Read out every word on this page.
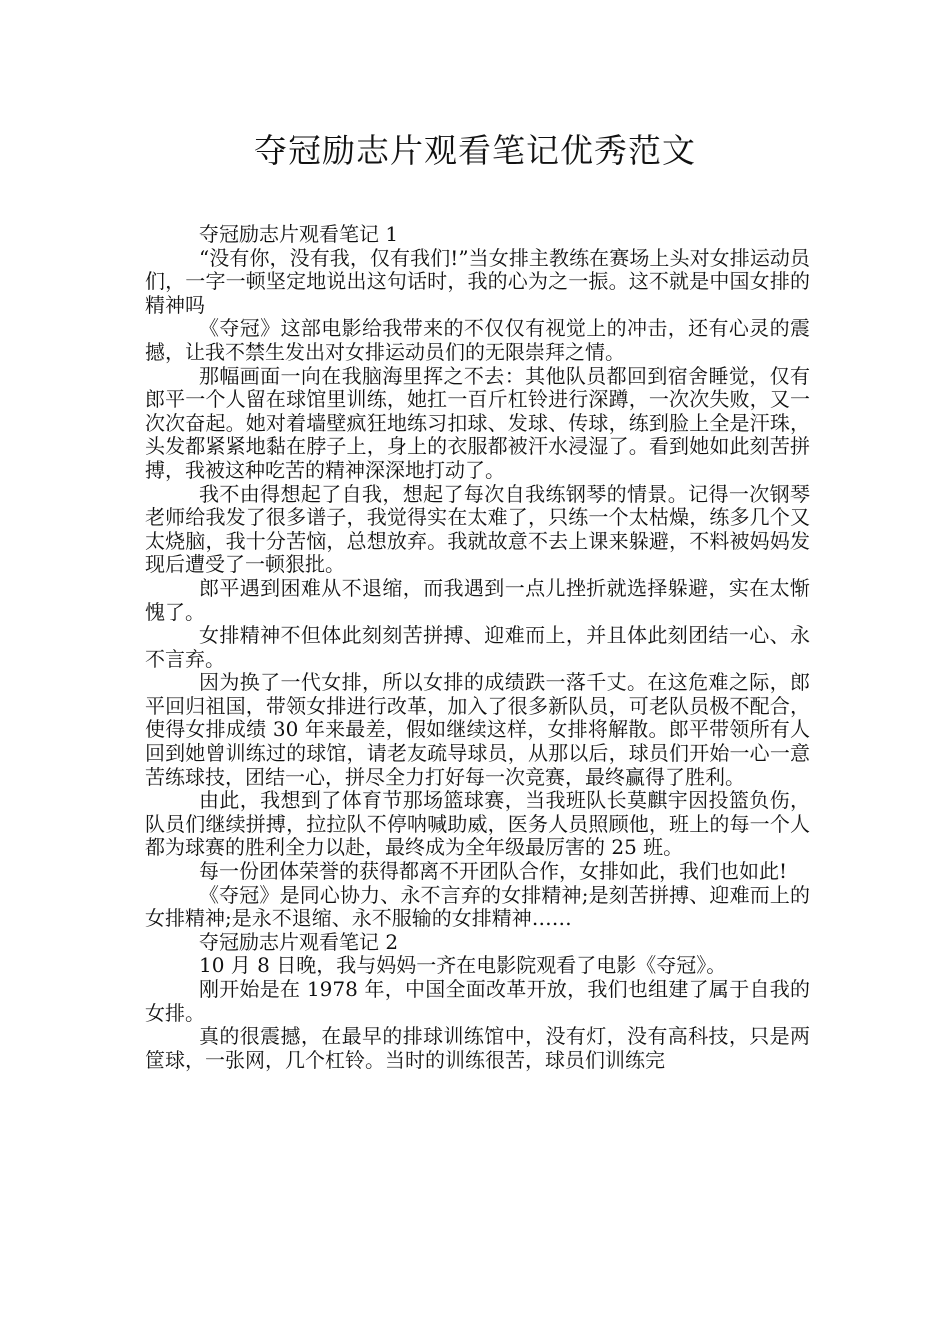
夺冠励志片观看笔记优秀范文

夺冠励志片观看笔记 1

“没有你，没有我，仅有我们!”当女排主教练在赛场上头对女排运动员们，一字一顿坚定地说出这句话时，我的心为之一振。这不就是中国女排的精神吗

《夺冠》这部电影给我带来的不仅仅有视觉上的冲击，还有心灵的震撼，让我不禁生发出对女排运动员们的无限崇拜之情。

那幅画面一向在我脑海里挥之不去：其他队员都回到宿舍睡觉，仅有郎平一个人留在球馆里训练，她扛一百斤杠铃进行深蹲，一次次失败，又一次次奋起。她对着墙壁疯狂地练习扣球、发球、传球，练到脸上全是汗珠，头发都紧紧地黏在脖子上，身上的衣服都被汗水浸湿了。看到她如此刻苦拼搏，我被这种吃苦的精神深深地打动了。

我不由得想起了自我，想起了每次自我练钢琴的情景。记得一次钢琴老师给我发了很多谱子，我觉得实在太难了，只练一个太枯燥，练多几个又太烧脑，我十分苦恼，总想放弃。我就故意不去上课来躲避，不料被妈妈发现后遭受了一顿狠批。

郎平遇到困难从不退缩，而我遇到一点儿挫折就选择躲避，实在太惭愧了。

女排精神不但体此刻刻苦拼搏、迎难而上，并且体此刻团结一心、永不言弃。

因为换了一代女排，所以女排的成绩跌一落千丈。在这危难之际，郎平回归祖国，带领女排进行改革，加入了很多新队员，可老队员极不配合，使得女排成绩 30 年来最差，假如继续这样，女排将解散。郎平带领所有人回到她曾训练过的球馆，请老友疏导球员，从那以后，球员们开始一心一意苦练球技，团结一心，拼尽全力打好每一次竞赛，最终赢得了胜利。

由此，我想到了体育节那场篮球赛，当我班队长莫麒宇因投篮负伤，队员们继续拼搏，拉拉队不停呐喊助威，医务人员照顾他，班上的每一个人都为球赛的胜利全力以赴，最终成为全年级最厉害的 25 班。

每一份团体荣誉的获得都离不开团队合作，女排如此，我们也如此!

《夺冠》是同心协力、永不言弃的女排精神;是刻苦拼搏、迎难而上的女排精神;是永不退缩、永不服输的女排精神……

夺冠励志片观看笔记 2

10 月 8 日晚，我与妈妈一齐在电影院观看了电影《夺冠》。

刚开始是在 1978 年，中国全面改革开放，我们也组建了属于自我的女排。

真的很震撼，在最早的排球训练馆中，没有灯，没有高科技，只是两筐球，一张网，几个杠铃。当时的训练很苦，球员们训练完
